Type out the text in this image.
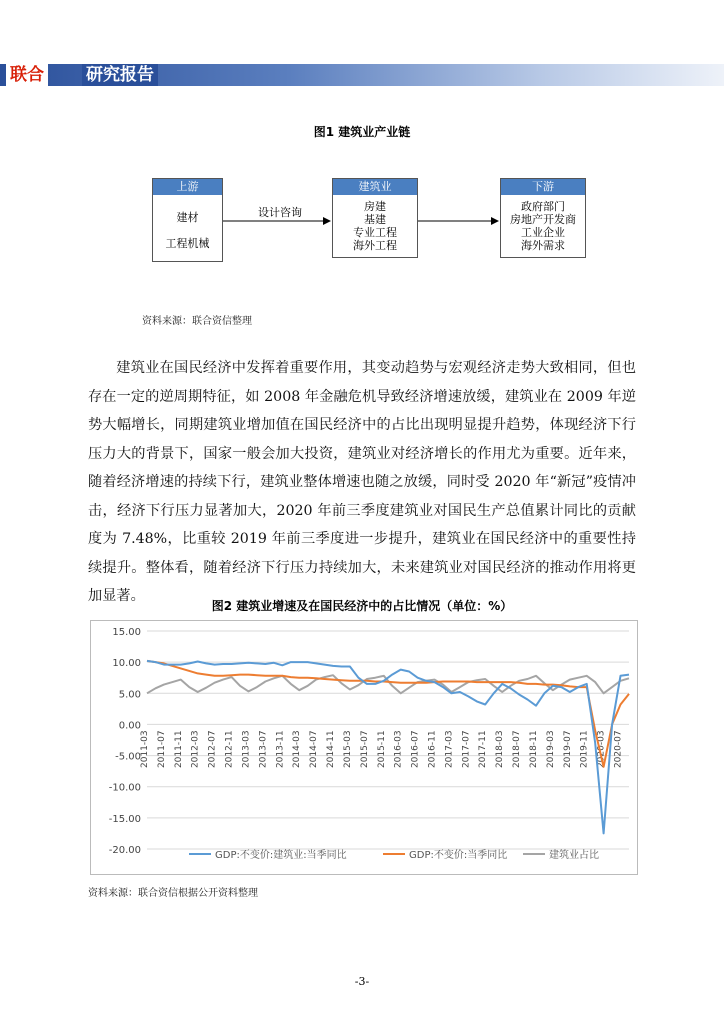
联合 研究报告
图1 建筑业产业链
设计咨询
上游
建材
工程机械
建筑业
房建
基建
专业工程
海外工程
下游
政府部门
房地产开发商
工业企业
海外需求
资料来源：联合资信整理
建筑业在国民经济中发挥着重要作用，其变动趋势与宏观经济走势大致相同，但也存在一定的逆周期特征，如 2008 年金融危机导致经济增速放缓，建筑业在 2009 年逆势大幅增长，同期建筑业增加值在国民经济中的占比出现明显提升趋势，体现经济下行压力大的背景下，国家一般会加大投资，建筑业对经济增长的作用尤为重要。近年来，随着经济增速的持续下行，建筑业整体增速也随之放缓，同时受 2020 年“新冠”疫情冲击，经济下行压力显著加大，2020 年前三季度建筑业对国民生产总值累计同比的贡献度为 7.48%，比重较 2019 年前三季度进一步提升，建筑业在国民经济中的重要性持续提升。整体看，随着经济下行压力持续加大，未来建筑业对国民经济的推动作用将更加显著。
图2 建筑业增速及在国民经济中的占比情况（单位：%）
15.00
10.00
5.00
0.00
-5.00
-10.00
-15.00
-20.00
2011-03 2011-07 2011-11 2012-03 2012-07 2012-11 2013-03 2013-07 2013-11 2014-03 2014-07 2014-11 2015-03 2015-07 2015-11 2016-03 2016-07 2016-11 2017-03 2017-07 2017-11 2018-03 2018-07 2018-11 2019-03 2019-07 2019-11 2020-03 2020-07
GDP:不变价:建筑业:当季同比	GDP:不变价:当季同比	建筑业占比
资料来源：联合资信根据公开资料整理
-3-
